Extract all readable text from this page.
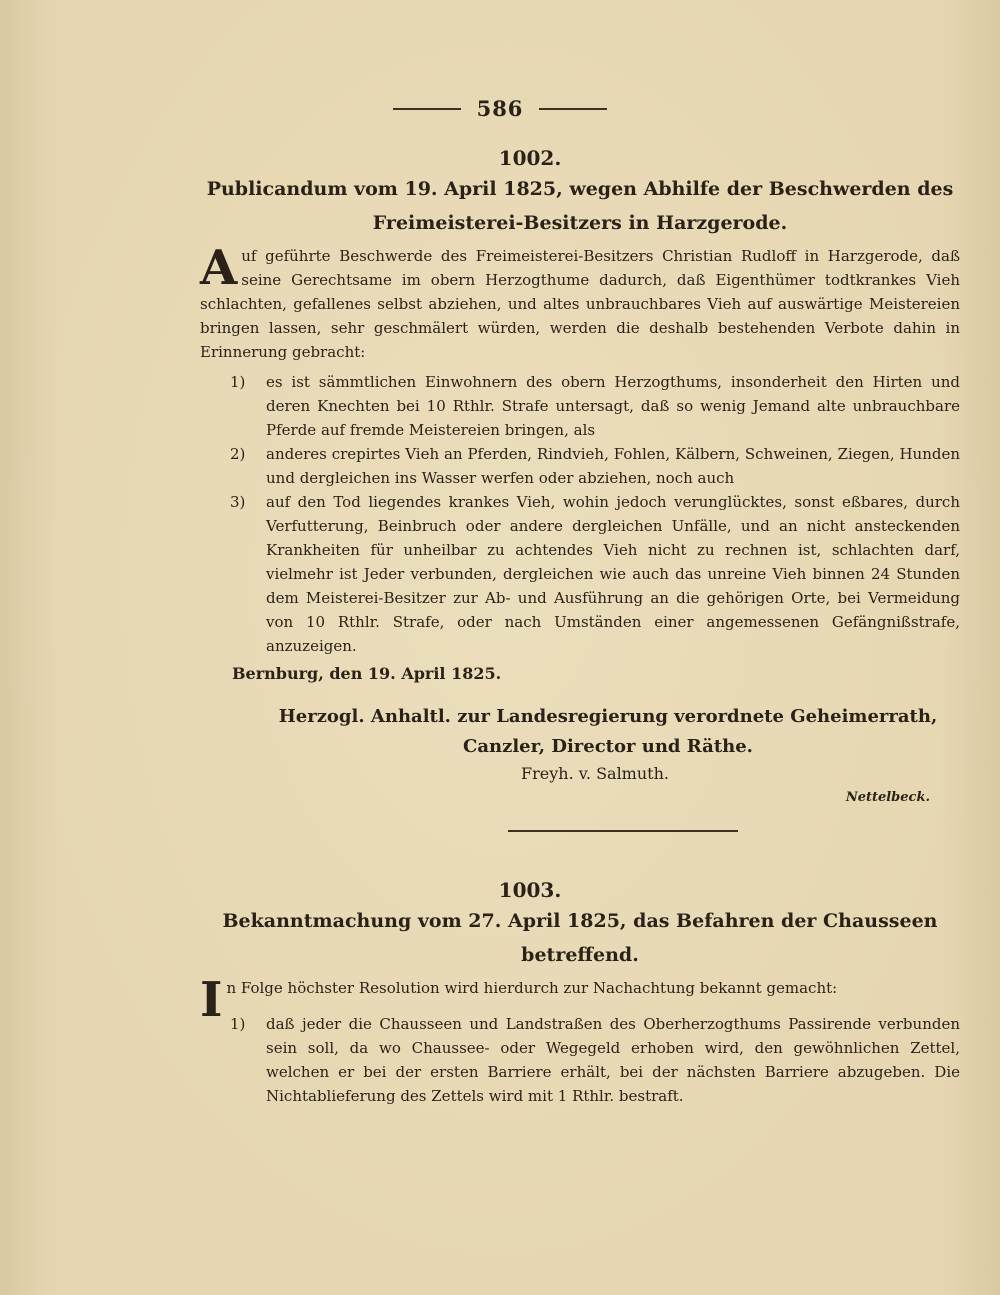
586
1002.
Publicandum vom 19. April 1825, wegen Abhilfe der Beschwerden des Freimeisterei-Besitzers in Harzgerode.
Auf geführte Beschwerde des Freimeisterei-Besitzers Christian Rudloff in Harzgerode, daß seine Gerechtsame im obern Herzogthume dadurch, daß Eigenthümer todtkrankes Vieh schlachten, gefallenes selbst abziehen, und altes unbrauchbares Vieh auf auswärtige Meistereien bringen lassen, sehr geschmälert würden, werden die deshalb bestehenden Verbote dahin in Erinnerung gebracht:
1)	es ist sämmtlichen Einwohnern des obern Herzogthums, insonderheit den Hirten und deren Knechten bei 10 Rthlr. Strafe untersagt, daß so wenig Jemand alte unbrauchbare Pferde auf fremde Meistereien bringen, als
2)	anderes crepirtes Vieh an Pferden, Rindvieh, Fohlen, Kälbern, Schweinen, Ziegen, Hunden und dergleichen ins Wasser werfen oder abziehen, noch auch
3)	auf den Tod liegendes krankes Vieh, wohin jedoch verunglücktes, sonst eßbares, durch Verfutterung, Beinbruch oder andere dergleichen Unfälle, und an nicht ansteckenden Krankheiten für unheilbar zu achtendes Vieh nicht zu rechnen ist, schlachten darf, vielmehr ist Jeder verbunden, dergleichen wie auch das unreine Vieh binnen 24 Stunden dem Meisterei-Besitzer zur Ab- und Ausführung an die gehörigen Orte, bei Vermeidung von 10 Rthlr. Strafe, oder nach Umständen einer angemessenen Gefängnißstrafe, anzuzeigen.
Bernburg, den 19. April 1825.
Herzogl. Anhaltl. zur Landesregierung verordnete Geheimerrath, Canzler, Director und Räthe.
Freyh. v. Salmuth.
Nettelbeck.
1003.
Bekanntmachung vom 27. April 1825, das Befahren der Chausseen betreffend.
In Folge höchster Resolution wird hierdurch zur Nachachtung bekannt gemacht:
1)	daß jeder die Chausseen und Landstraßen des Oberherzogthums Passirende verbunden sein soll, da wo Chaussee- oder Wegegeld erhoben wird, den gewöhnlichen Zettel, welchen er bei der ersten Barriere erhält, bei der nächsten Barriere abzugeben. Die Nichtablieferung des Zettels wird mit 1 Rthlr. bestraft.
